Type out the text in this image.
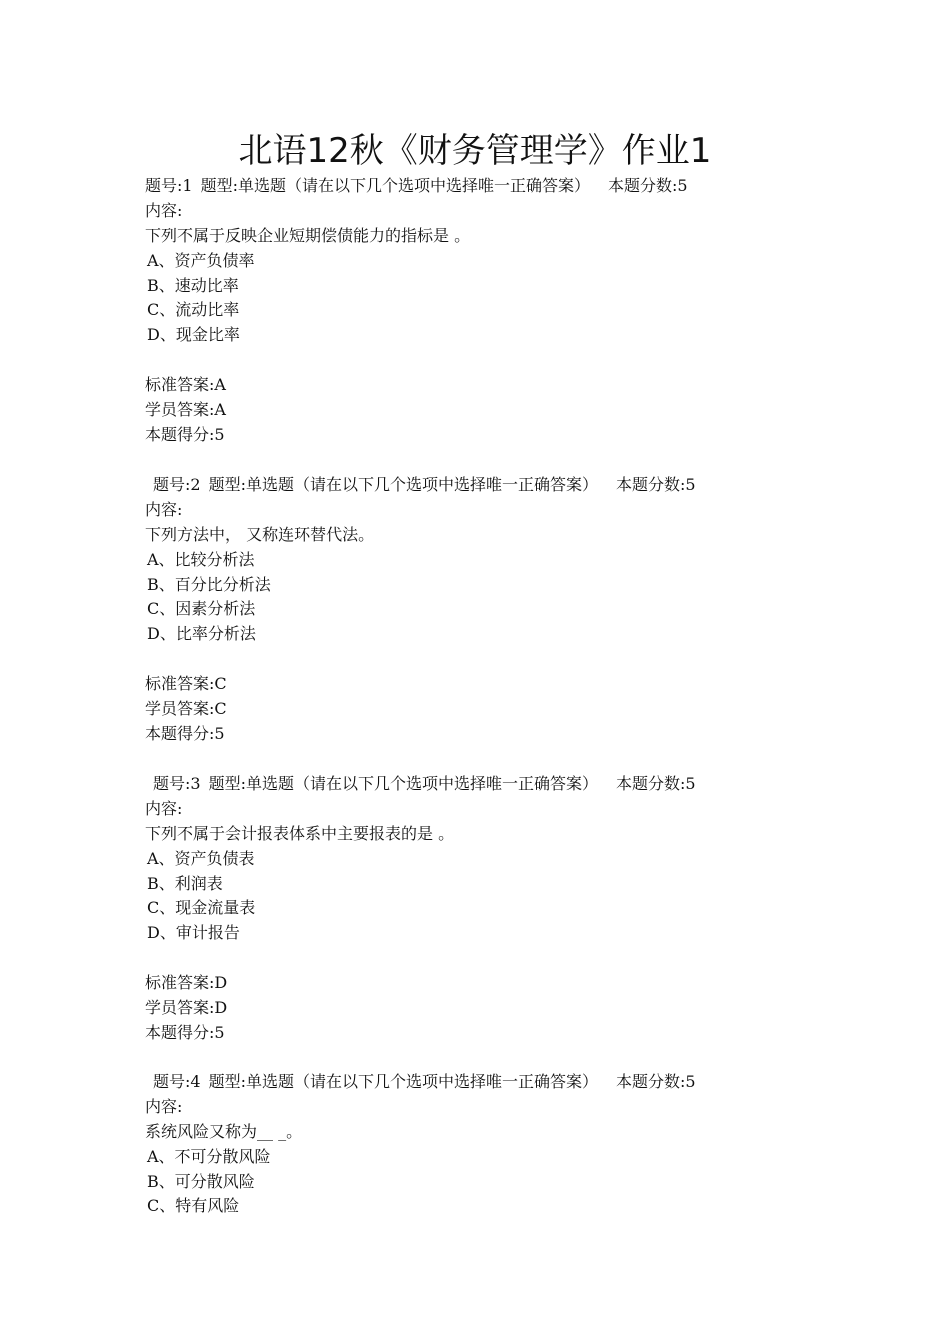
北语12秋《财务管理学》作业1
题号:1 题型:单选题（请在以下几个选项中选择唯一正确答案） 本题分数:5
内容:
下列不属于反映企业短期偿债能力的指标是 。
A、资产负债率
B、速动比率
C、流动比率
D、现金比率
标准答案:A
学员答案:A
本题得分:5
题号:2 题型:单选题（请在以下几个选项中选择唯一正确答案） 本题分数:5
内容:
下列方法中， 又称连环替代法。
A、比较分析法
B、百分比分析法
C、因素分析法
D、比率分析法
标准答案:C
学员答案:C
本题得分:5
题号:3 题型:单选题（请在以下几个选项中选择唯一正确答案） 本题分数:5
内容:
下列不属于会计报表体系中主要报表的是 。
A、资产负债表
B、利润表
C、现金流量表
D、审计报告
标准答案:D
学员答案:D
本题得分:5
题号:4 题型:单选题（请在以下几个选项中选择唯一正确答案） 本题分数:5
内容:
系统风险又称为__ _。
A、不可分散风险
B、可分散风险
C、特有风险
